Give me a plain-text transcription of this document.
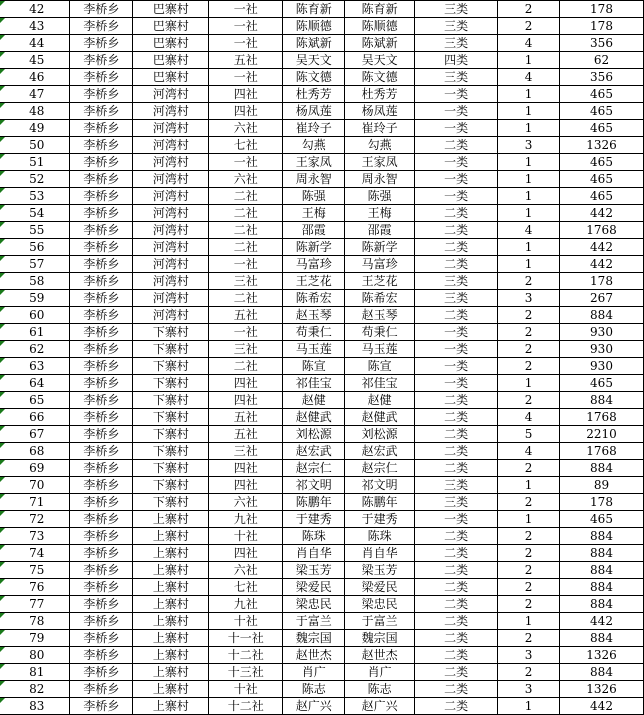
42	李桥乡	巴寨村	一社	陈育新	陈育新	三类	2	178
43	李桥乡	巴寨村	一社	陈顺德	陈顺德	三类	2	178
44	李桥乡	巴寨村	一社	陈斌新	陈斌新	三类	4	356
45	李桥乡	巴寨村	五社	吴天文	吴天文	四类	1	62
46	李桥乡	巴寨村	一社	陈文德	陈文德	三类	4	356
47	李桥乡	河湾村	四社	杜秀芳	杜秀芳	一类	1	465
48	李桥乡	河湾村	四社	杨凤莲	杨凤莲	一类	1	465
49	李桥乡	河湾村	六社	崔玲子	崔玲子	一类	1	465
50	李桥乡	河湾村	七社	勾燕	勾燕	二类	3	1326
51	李桥乡	河湾村	一社	王家凤	王家凤	一类	1	465
52	李桥乡	河湾村	六社	周永智	周永智	一类	1	465
53	李桥乡	河湾村	二社	陈强	陈强	一类	1	465
54	李桥乡	河湾村	二社	王梅	王梅	二类	1	442
55	李桥乡	河湾村	二社	邵霞	邵霞	二类	4	1768
56	李桥乡	河湾村	二社	陈新学	陈新学	二类	1	442
57	李桥乡	河湾村	一社	马富珍	马富珍	二类	1	442
58	李桥乡	河湾村	三社	王芝花	王芝花	三类	2	178
59	李桥乡	河湾村	二社	陈希宏	陈希宏	三类	3	267
60	李桥乡	河湾村	五社	赵玉琴	赵玉琴	二类	2	884
61	李桥乡	下寨村	一社	苟秉仁	苟秉仁	一类	2	930
62	李桥乡	下寨村	三社	马玉莲	马玉莲	一类	2	930
63	李桥乡	下寨村	二社	陈宣	陈宣	一类	2	930
64	李桥乡	下寨村	四社	祁佳宝	祁佳宝	一类	1	465
65	李桥乡	下寨村	四社	赵健	赵健	二类	2	884
66	李桥乡	下寨村	五社	赵健武	赵健武	二类	4	1768
67	李桥乡	下寨村	五社	刘松源	刘松源	二类	5	2210
68	李桥乡	下寨村	三社	赵宏武	赵宏武	二类	4	1768
69	李桥乡	下寨村	四社	赵宗仁	赵宗仁	二类	2	884
70	李桥乡	下寨村	四社	祁文明	祁文明	三类	1	89
71	李桥乡	下寨村	六社	陈鹏年	陈鹏年	三类	2	178
72	李桥乡	上寨村	九社	于建秀	于建秀	一类	1	465
73	李桥乡	上寨村	十社	陈珠	陈珠	二类	2	884
74	李桥乡	上寨村	四社	肖自华	肖自华	二类	2	884
75	李桥乡	上寨村	六社	梁玉芳	梁玉芳	二类	2	884
76	李桥乡	上寨村	七社	梁爱民	梁爱民	二类	2	884
77	李桥乡	上寨村	九社	梁忠民	梁忠民	二类	2	884
78	李桥乡	上寨村	十社	于富兰	于富兰	二类	1	442
79	李桥乡	上寨村	十一社	魏宗国	魏宗国	二类	2	884
80	李桥乡	上寨村	十二社	赵世杰	赵世杰	二类	3	1326
81	李桥乡	上寨村	十三社	肖广	肖广	二类	2	884
82	李桥乡	上寨村	十社	陈志	陈志	二类	3	1326
83	李桥乡	上寨村	十二社	赵广兴	赵广兴	二类	1	442
